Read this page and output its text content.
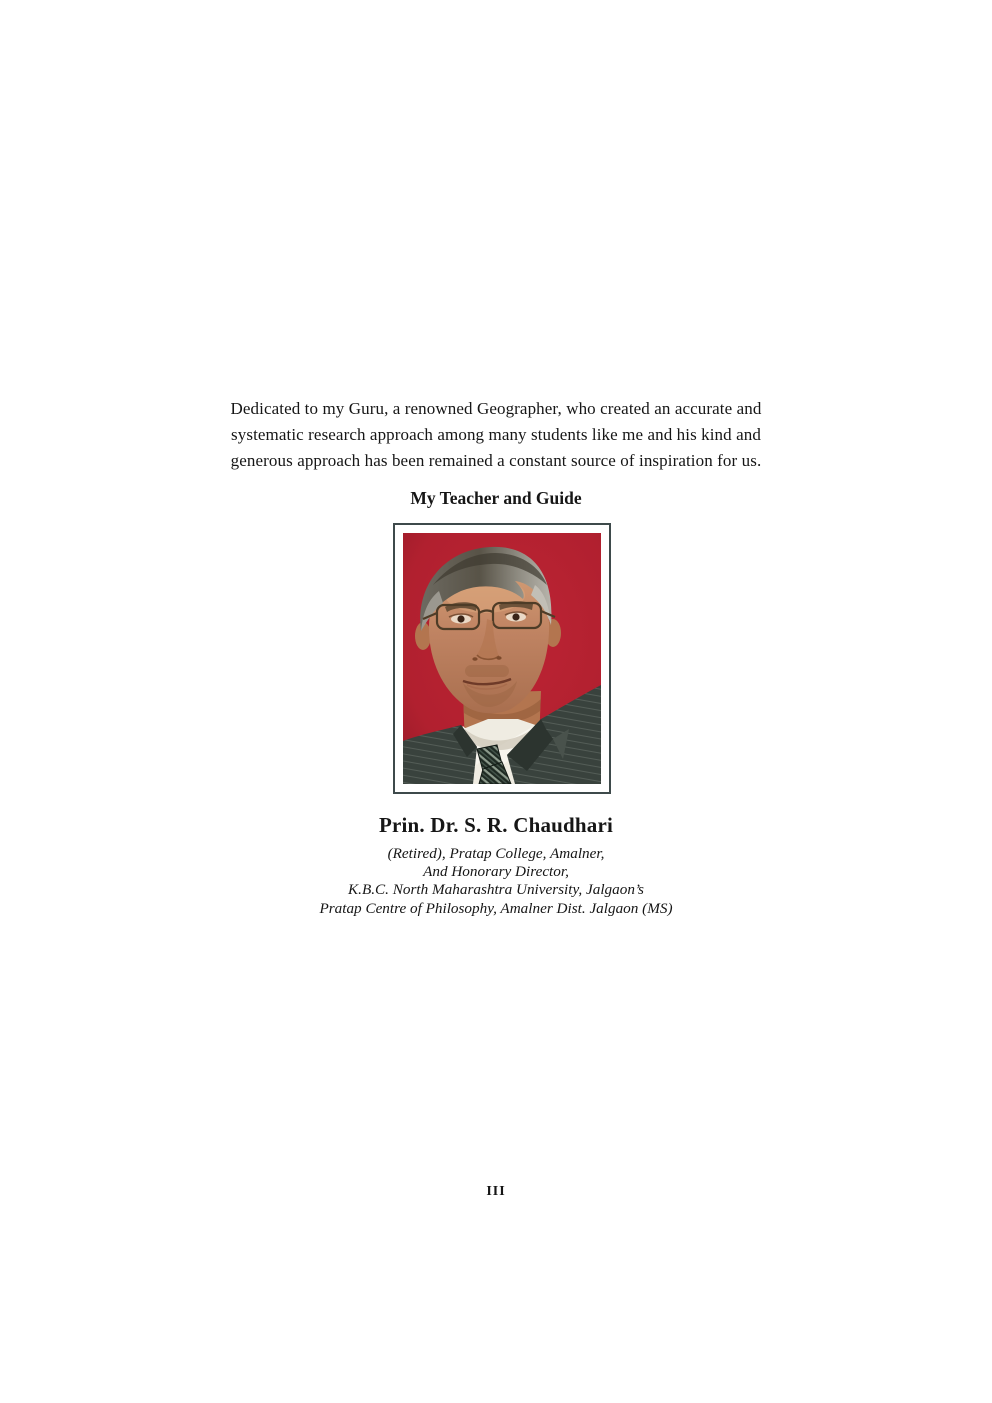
Dedicated to my Guru, a renowned Geographer, who created an accurate and
systematic research approach among many students like me and his kind and
generous approach has been remained a constant source of inspiration for us.
My Teacher and Guide
Prin. Dr. S. R. Chaudhari
(Retired), Pratap College, Amalner,
And Honorary Director,
K.B.C. North Maharashtra University, Jalgaon’s
Pratap Centre of Philosophy, Amalner Dist. Jalgaon (MS)
III
